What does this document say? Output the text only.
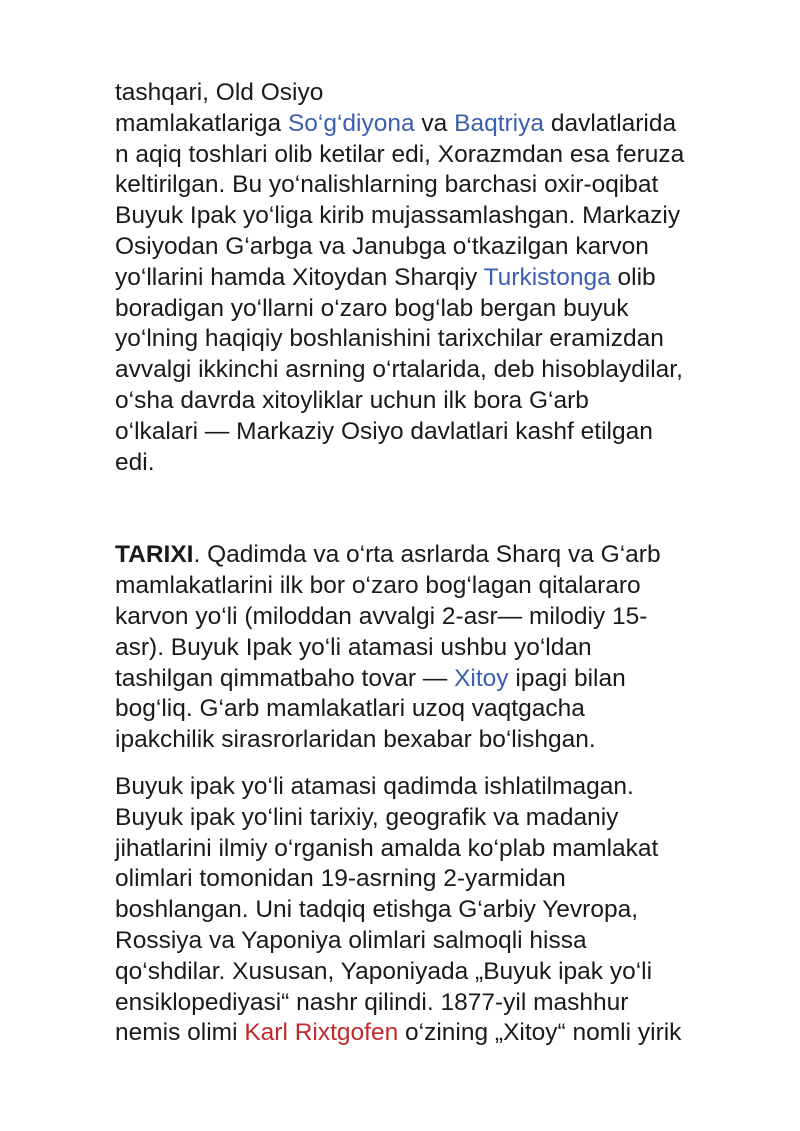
tashqari, Old Osiyo
mamlakatlariga So‘g‘diyona va Baqtriya davlatlarida
n aqiq toshlari olib ketilar edi, Xorazmdan esa feruza
keltirilgan. Bu yo‘nalishlarning barchasi oxir-oqibat
Buyuk Ipak yo‘liga kirib mujassamlashgan. Markaziy
Osiyodan G‘arbga va Janubga o‘tkazilgan karvon
yo‘llarini hamda Xitoydan Sharqiy Turkistonga olib
boradigan yo‘llarni o‘zaro bog‘lab bergan buyuk
yo‘lning haqiqiy boshlanishini tarixchilar eramizdan
avvalgi ikkinchi asrning o‘rtalarida, deb hisoblaydilar,
o‘sha davrda xitoyliklar uchun ilk bora G‘arb
o‘lkalari — Markaziy Osiyo davlatlari kashf etilgan
edi.
TARIXI. Qadimda va o‘rta asrlarda Sharq va G‘arb
mamlakatlarini ilk bor o‘zaro bog‘lagan qitalararo
karvon yo‘li (miloddan avvalgi 2-asr— milodiy 15-
asr). Buyuk Ipak yo‘li atamasi ushbu yo‘ldan
tashilgan qimmatbaho tovar — Xitoy ipagi bilan
bog‘liq. G‘arb mamlakatlari uzoq vaqtgacha
ipakchilik sirasrorlaridan bexabar bo‘lishgan.
Buyuk ipak yo‘li atamasi qadimda ishlatilmagan.
Buyuk ipak yo‘lini tarixiy, geografik va madaniy
jihatlarini ilmiy o‘rganish amalda ko‘plab mamlakat
olimlari tomonidan 19-asrning 2-yarmidan
boshlangan. Uni tadqiq etishga G‘arbiy Yevropa,
Rossiya va Yaponiya olimlari salmoqli hissa
qo‘shdilar. Xususan, Yaponiyada „Buyuk ipak yo‘li
ensiklopediyasi“ nashr qilindi. 1877-yil mashhur
nemis olimi Karl Rixtgofen o‘zining „Xitoy“ nomli yirik
